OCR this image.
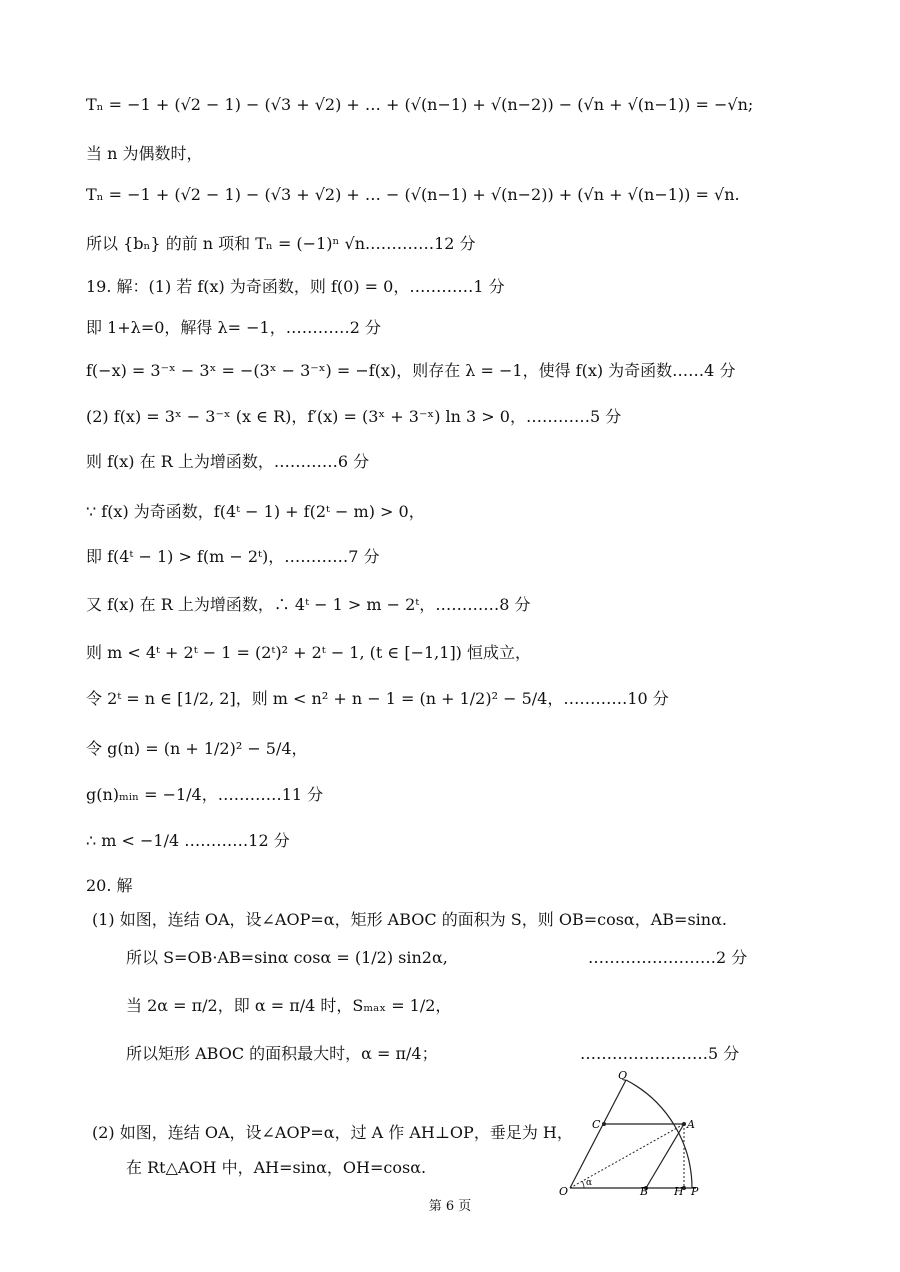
Tₙ = −1 + (√2 − 1) − (√3 + √2) + … + (√(n−1) + √(n−2)) − (√n + √(n−1)) = −√n;
当 n 为偶数时，
Tₙ = −1 + (√2 − 1) − (√3 + √2) + … − (√(n−1) + √(n−2)) + (√n + √(n−1)) = √n.
所以 {bₙ} 的前 n 项和 Tₙ = (−1)ⁿ √n.…………12 分
19. 解：(1) 若 f(x) 为奇函数，则 f(0) = 0，…………1 分
即 1+λ=0，解得 λ= −1，…………2 分
f(−x) = 3⁻ˣ − 3ˣ = −(3ˣ − 3⁻ˣ) = −f(x)，则存在 λ = −1，使得 f(x) 为奇函数……4 分
(2) f(x) = 3ˣ − 3⁻ˣ (x ∈ R)，f′(x) = (3ˣ + 3⁻ˣ) ln 3 > 0，…………5 分
则 f(x) 在 R 上为增函数，…………6 分
∵ f(x) 为奇函数，f(4ᵗ − 1) + f(2ᵗ − m) > 0，
即 f(4ᵗ − 1) > f(m − 2ᵗ)，…………7 分
又 f(x) 在 R 上为增函数，∴ 4ᵗ − 1 > m − 2ᵗ，…………8 分
则 m < 4ᵗ + 2ᵗ − 1 = (2ᵗ)² + 2ᵗ − 1, (t ∈ [−1,1]) 恒成立，
令 2ᵗ = n ∈ [1/2, 2]，则 m < n² + n − 1 = (n + 1/2)² − 5/4，…………10 分
令 g(n) = (n + 1/2)² − 5/4，
g(n)ₘᵢₙ = −1/4，…………11 分
∴ m < −1/4 …………12 分
20. 解
(1) 如图，连结 OA，设∠AOP=α，矩形 ABOC 的面积为 S，则 OB=cosα，AB=sinα.
所以 S=OB·AB=sinα cosα = (1/2) sin2α,	……………………2 分
当 2α = π/2，即 α = π/4 时，Sₘₐₓ = 1/2，
所以矩形 ABOC 的面积最大时，α = π/4；	……………………5 分
(2) 如图，连结 OA，设∠AOP=α，过 A 作 AH⊥OP，垂足为 H，
在 Rt△AOH 中，AH=sinα，OH=cosα.
Q
C	A
O	B H P
α
第 6 页
